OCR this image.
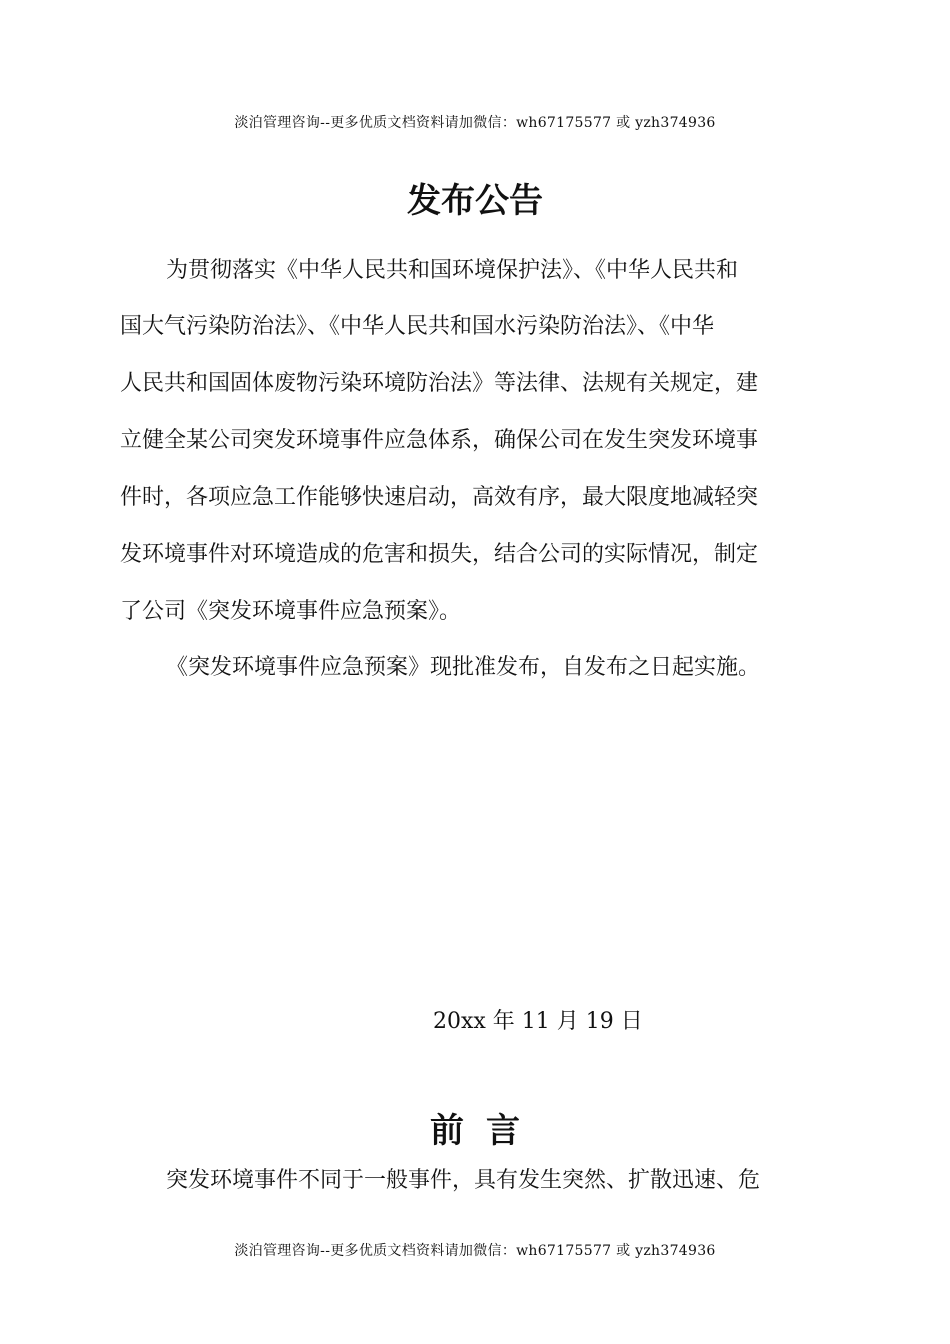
淡泊管理咨询--更多优质文档资料请加微信：wh67175577 或 yzh374936
发布公告
为贯彻落实《中华人民共和国环境保护法》、《中华人民共和
国大气污染防治法》、《中华人民共和国水污染防治法》、《中华
人民共和国固体废物污染环境防治法》等法律、法规有关规定，建
立健全某公司突发环境事件应急体系，确保公司在发生突发环境事
件时，各项应急工作能够快速启动，高效有序，最大限度地减轻突
发环境事件对环境造成的危害和损失，结合公司的实际情况，制定
了公司《突发环境事件应急预案》。
《突发环境事件应急预案》现批准发布，自发布之日起实施。
20xx 年 11 月 19 日
前言
突发环境事件不同于一般事件，具有发生突然、扩散迅速、危
淡泊管理咨询--更多优质文档资料请加微信：wh67175577 或 yzh374936
